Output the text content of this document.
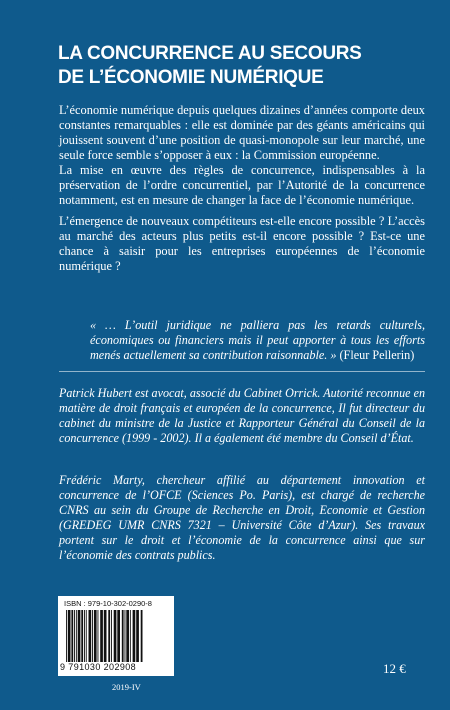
LA CONCURRENCE AU SECOURS
DE L’ÉCONOMIE NUMÉRIQUE

L’économie numérique depuis quelques dizaines d’années comporte deux constantes remarquables : elle est dominée par des géants américains qui jouissent souvent d’une position de quasi-monopole sur leur marché, une seule force semble s’opposer à eux : la Commission européenne.

La mise en œuvre des règles de concurrence, indispensables à la préservation de l’ordre concurrentiel, par l’Autorité de la concurrence notamment, est en mesure de changer la face de l’économie numérique.

L’émergence de nouveaux compétiteurs est-elle encore possible ? L’accès au marché des acteurs plus petits est-il encore possible ? Est-ce une chance à saisir pour les entreprises européennes de l’économie numérique ?

« … L’outil juridique ne palliera pas les retards culturels, économiques ou financiers mais il peut apporter à tous les efforts menés actuellement sa contribution raisonnable. » (Fleur Pellerin)

Patrick Hubert est avocat, associé du Cabinet Orrick. Autorité reconnue en matière de droit français et européen de la concurrence, Il fut directeur du cabinet du ministre de la Justice et Rapporteur Général du Conseil de la concurrence (1999 - 2002). Il a également été membre du Conseil d’État.

Frédéric Marty, chercheur affilié au département innovation et concurrence de l’OFCE (Sciences Po. Paris), est chargé de recherche CNRS au sein du Groupe de Recherche en Droit, Economie et Gestion (GREDEG UMR CNRS 7321 – Université Côte d’Azur). Ses travaux portent sur le droit et l’économie de la concurrence ainsi que sur l’économie des contrats publics.

ISBN : 979-10-302-0290-8
9 791030 202908
2019-IV
12 €
